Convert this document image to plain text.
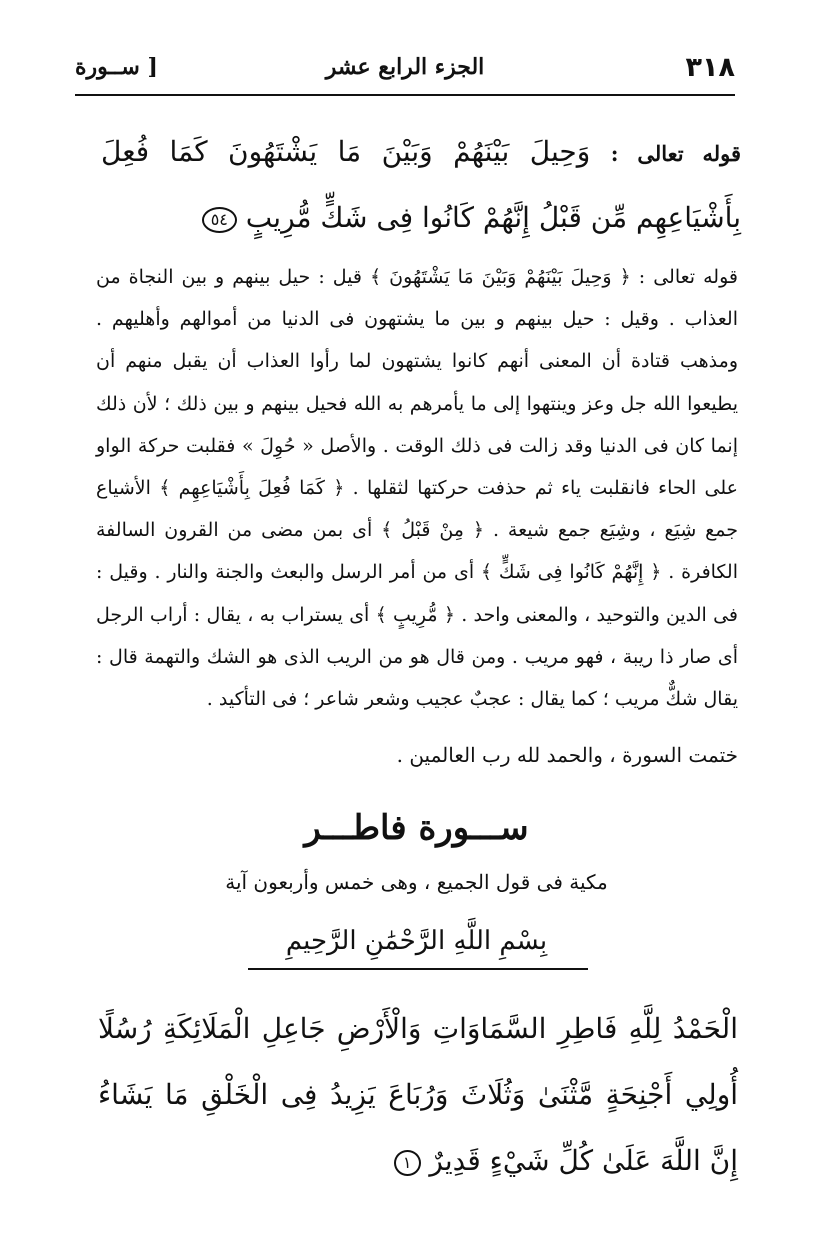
٣١٨
الجزء الرابع عشر
[ ســورة
قوله تعالى : وَحِيلَ بَيْنَهُمْ وَبَيْنَ مَا يَشْتَهُونَ كَمَا فُعِلَ بِأَشْيَاعِهِم مِّن قَبْلُ إِنَّهُمْ كَانُوا فِى شَكٍّ مُّرِيبٍ ٥٤
قوله تعالى : ﴿ وَحِيلَ بَيْنَهُمْ وَبَيْنَ مَا يَشْتَهُونَ ﴾ قيل : حيل بينهم و بين النجاة من العذاب . وقيل : حيل بينهم و بين ما يشتهون فى الدنيا من أموالهم وأهليهم . ومذهب قتادة أن المعنى أنهم كانوا يشتهون لما رأوا العذاب أن يقبل منهم أن يطيعوا الله جل وعز وينتهوا إلى ما يأمرهم به الله فحيل بينهم و بين ذلك ؛ لأن ذلك إنما كان فى الدنيا وقد زالت فى ذلك الوقت . والأصل « حُوِلَ » فقلبت حركة الواو على الحاء فانقلبت ياء ثم حذفت حركتها لثقلها . ﴿ كَمَا فُعِلَ بِأَشْيَاعِهِم ﴾ الأشياع جمع شِيَع ، وشِيَع جمع شيعة . ﴿ مِنْ قَبْلُ ﴾ أى بمن مضى من القرون السالفة الكافرة . ﴿ إِنَّهُمْ كَانُوا فِى شَكٍّ ﴾ أى من أمر الرسل والبعث والجنة والنار . وقيل : فى الدين والتوحيد ، والمعنى واحد . ﴿ مُّرِيبٍ ﴾ أى يستراب به ، يقال : أراب الرجل أى صار ذا ريبة ، فهو مريب . ومن قال هو من الريب الذى هو الشك والتهمة قال : يقال شكٌّ مريب ؛ كما يقال : عجبٌ عجيب وشعر شاعر ؛ فى التأكيد .
ختمت السورة ، والحمد لله رب العالمين .
ســـورة فاطـــر
مكية فى قول الجميع ، وهى خمس وأربعون آية
بِسْمِ اللَّهِ الرَّحْمَٰنِ الرَّحِيمِ
الْحَمْدُ لِلَّهِ فَاطِرِ السَّمَاوَاتِ وَالْأَرْضِ جَاعِلِ الْمَلَائِكَةِ رُسُلًا أُولِي أَجْنِحَةٍ مَّثْنَىٰ وَثُلَاثَ وَرُبَاعَ يَزِيدُ فِى الْخَلْقِ مَا يَشَاءُ إِنَّ اللَّهَ عَلَىٰ كُلِّ شَيْءٍ قَدِيرٌ ١
